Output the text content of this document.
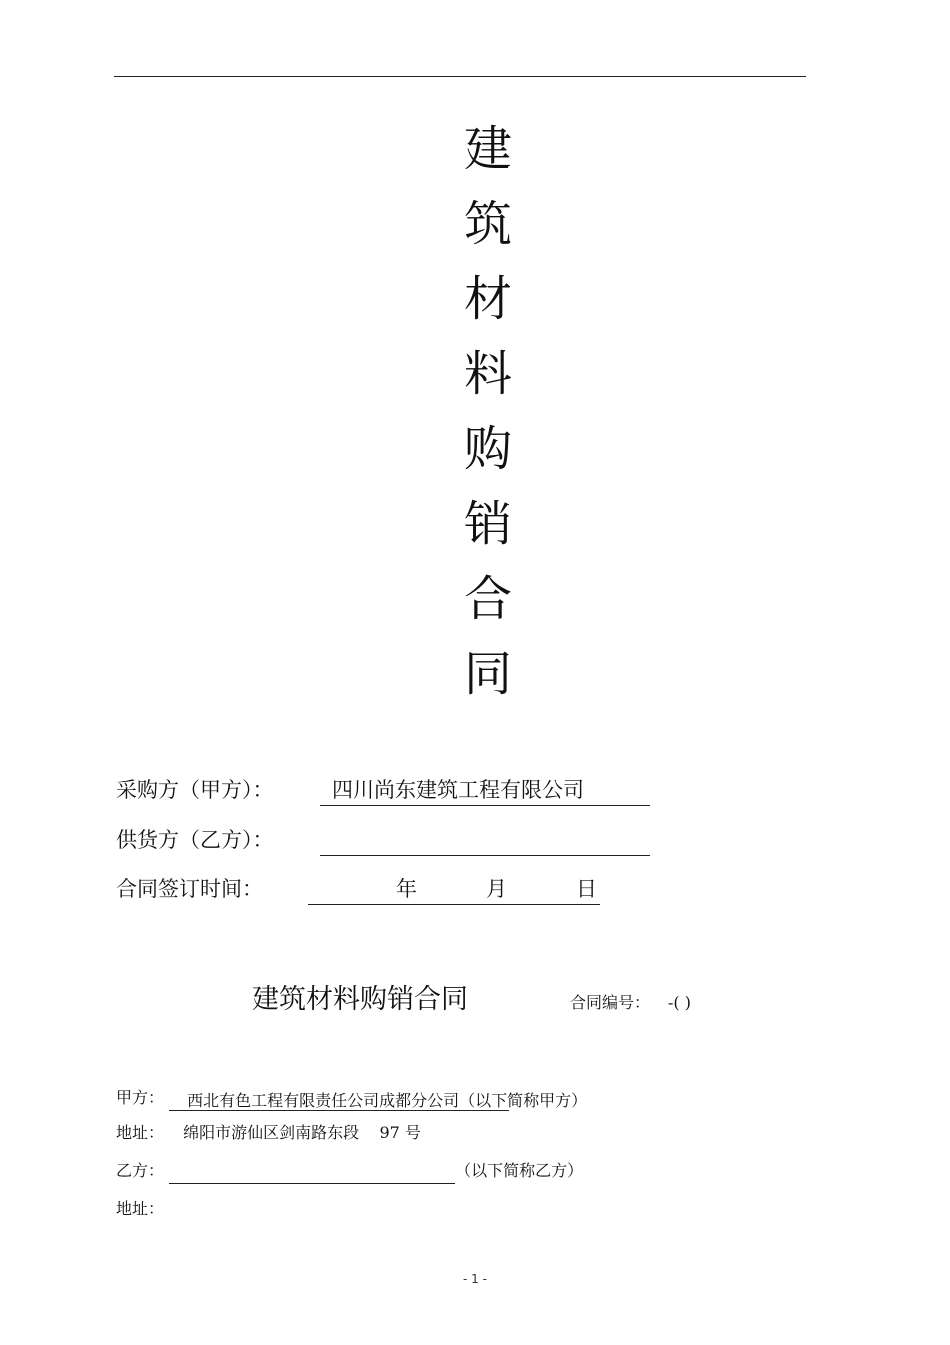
建
筑
材
料
购
销
合
同
采购方（甲方）：	四川尚东建筑工程有限公司
供货方（乙方）：
合同签订时间：	年	月	日
建筑材料购销合同	合同编号： -( )
甲方： 西北有色工程有限责任公司成都分公司（以下简称甲方）
地址： 绵阳市游仙区剑南路东段    97 号
乙方：	（以下简称乙方）
地址：
- 1 -
